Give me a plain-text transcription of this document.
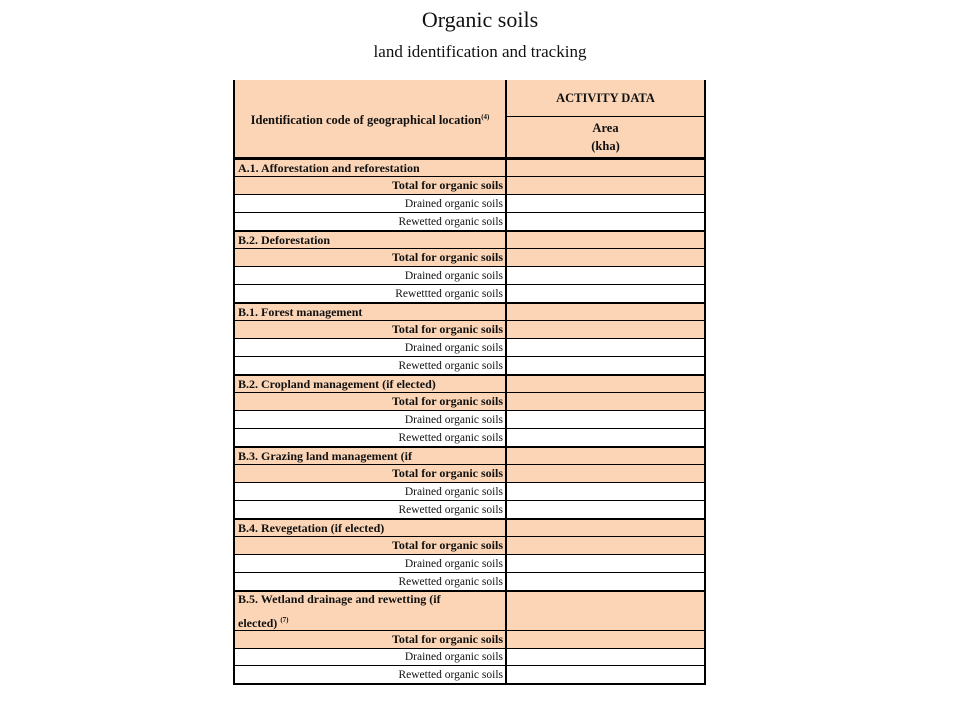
Organic soils
land identification and tracking
Identification code of geographical location$^{(4)}$
ACTIVITY DATA
Area
(kha)
A.1. Afforestation and reforestation
Total for organic soils
Drained organic soils
Rewetted organic soils
B.2. Deforestation
Total for organic soils
Drained organic soils
Rewettted organic soils
B.1. Forest management
Total for organic soils
Drained organic soils
Rewetted organic soils
B.2. Cropland management (if elected)
Total for organic soils
Drained organic soils
Rewetted organic soils
B.3. Grazing land management (if
Total for organic soils
Drained organic soils
Rewetted organic soils
B.4. Revegetation (if elected)
Total for organic soils
Drained organic soils
Rewetted organic soils
B.5. Wetland drainage and rewetting (if
elected) $^{(7)}$
Total for organic soils
Drained organic soils
Rewetted organic soils
